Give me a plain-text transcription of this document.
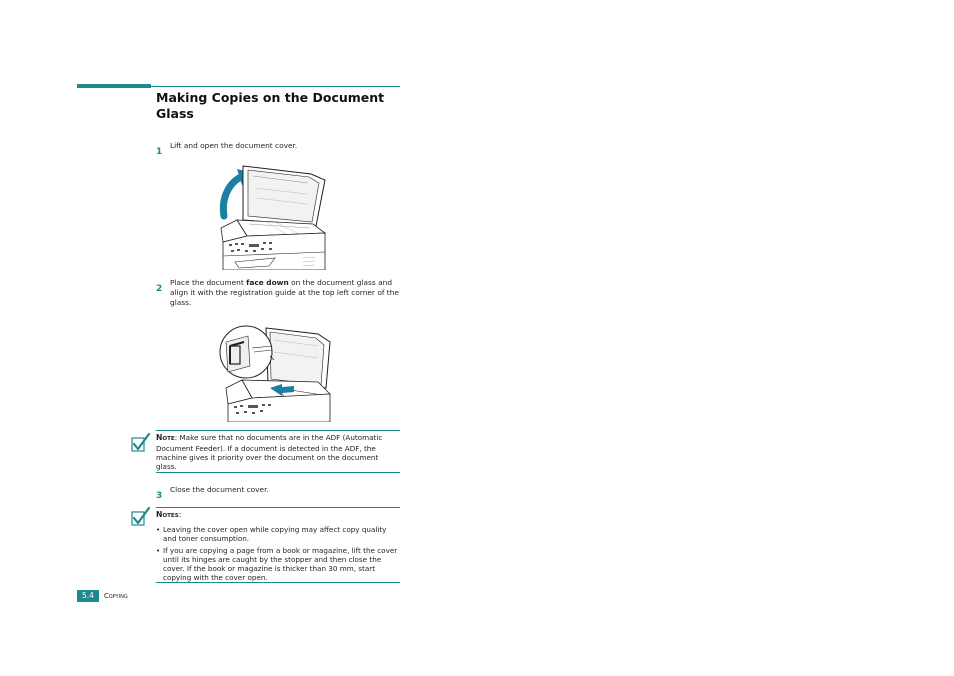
Making Copies on the Document Glass
1
Lift and open the document cover.
2
Place the document face down on the document glass and align it with the registration guide at the top left corner of the glass.
NOTE: Make sure that no documents are in the ADF (Automatic Document Feeder). If a document is detected in the ADF, the machine gives it priority over the document on the document glass.
3
Close the document cover.
NOTES:
• Leaving the cover open while copying may affect copy quality and toner consumption.
• If you are copying a page from a book or magazine, lift the cover until its hinges are caught by the stopper and then close the cover. If the book or magazine is thicker than 30 mm, start copying with the cover open.
5.4	COPYING
